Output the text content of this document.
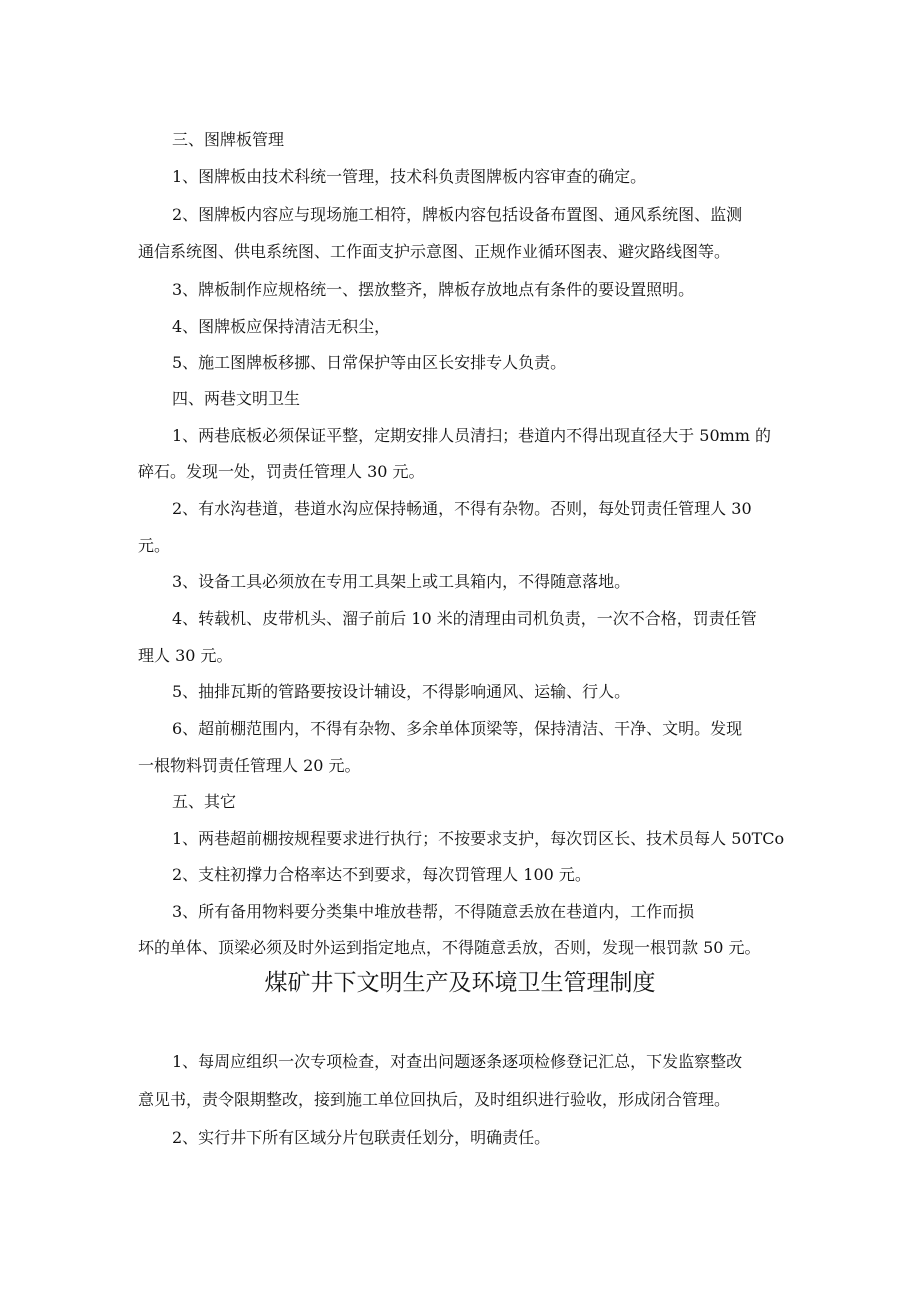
三、图牌板管理
1、图牌板由技术科统一管理，技术科负责图牌板内容审查的确定。
2、图牌板内容应与现场施工相符，牌板内容包括设备布置图、通风系统图、监测
通信系统图、供电系统图、工作面支护示意图、正规作业循环图表、避灾路线图等。
3、牌板制作应规格统一、摆放整齐，牌板存放地点有条件的要设置照明。
4、图牌板应保持清洁无积尘，
5、施工图牌板移挪、日常保护等由区长安排专人负责。
四、两巷文明卫生
1、两巷底板必须保证平整，定期安排人员清扫；巷道内不得出现直径大于 50mm 的
碎石。发现一处，罚责任管理人 30 元。
2、有水沟巷道，巷道水沟应保持畅通，不得有杂物。否则，每处罚责任管理人 30
元。
3、设备工具必须放在专用工具架上或工具箱内，不得随意落地。
4、转载机、皮带机头、溜子前后 10 米的清理由司机负责，一次不合格，罚责任管
理人 30 元。
5、抽排瓦斯的管路要按设计辅设，不得影响通风、运输、行人。
6、超前棚范围内，不得有杂物、多余单体顶梁等，保持清洁、干净、文明。发现
一根物料罚责任管理人 20 元。
五、其它
1、两巷超前棚按规程要求进行执行；不按要求支护，每次罚区长、技术员每人 50TCo
2、支柱初撑力合格率达不到要求，每次罚管理人 100 元。
3、所有备用物料要分类集中堆放巷帮，不得随意丢放在巷道内，工作而损
坏的单体、顶梁必须及时外运到指定地点，不得随意丢放，否则，发现一根罚款 50 元。
煤矿井下文明生产及环境卫生管理制度
1、每周应组织一次专项检查，对查出问题逐条逐项检修登记汇总，下发监察整改
意见书，责令限期整改，接到施工单位回执后，及时组织进行验收，形成闭合管理。
2、实行井下所有区域分片包联责任划分，明确责任。
